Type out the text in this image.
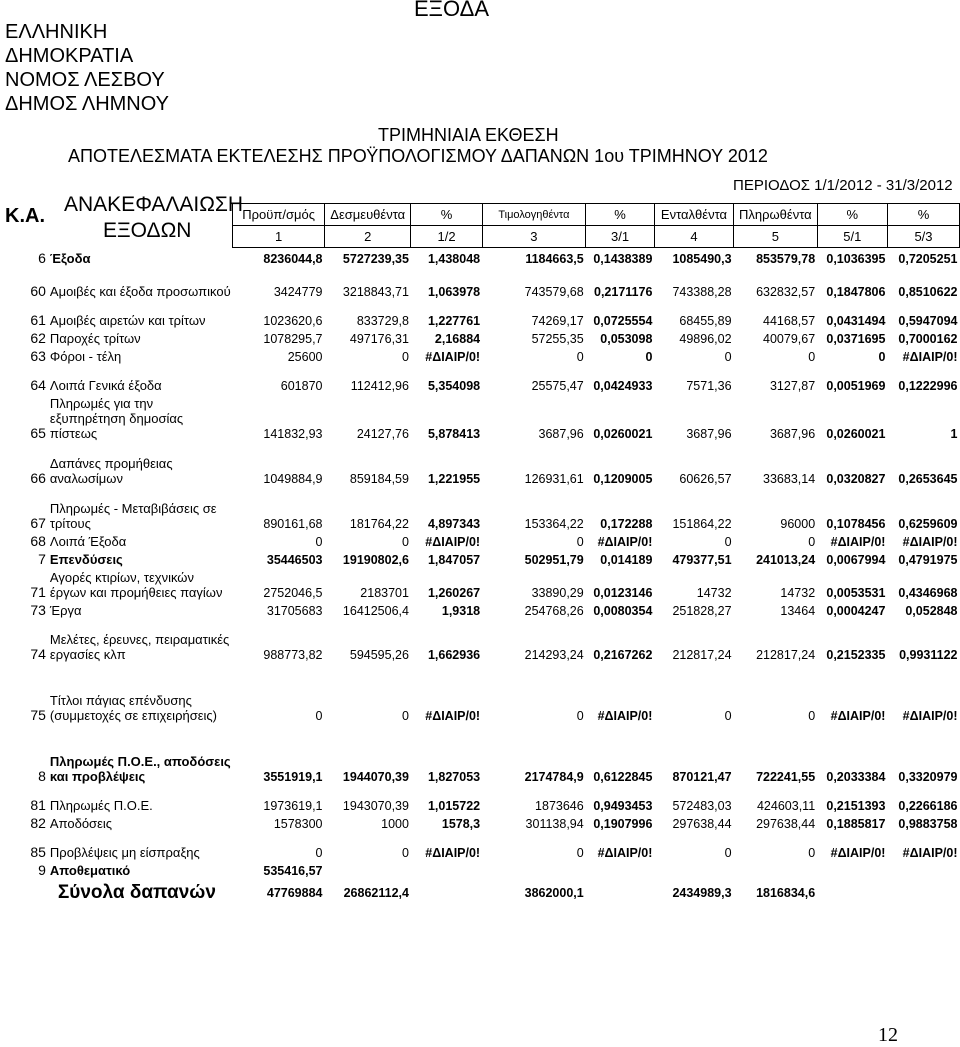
ΕΛΛΗΝΙΚΗ
ΔΗΜΟΚΡΑΤΙΑ
ΝΟΜΟΣ ΛΕΣΒΟΥ
ΔΗΜΟΣ ΛΗΜΝΟΥ
ΕΞΟΔΑ
ΤΡΙΜΗΝΙΑΙΑ ΕΚΘΕΣΗ
ΑΠΟΤΕΛΕΣΜΑΤΑ ΕΚΤΕΛΕΣΗΣ ΠΡΟΫΠΟΛΟΓΙΣΜΟΥ ΔΑΠΑΝΩΝ 1ου ΤΡΙΜΗΝΟΥ 2012
ΠΕΡΙΟΔΟΣ 1/1/2012 - 31/3/2012
Κ.Α. ΑΝΑΚΕΦΑΛΑΙΩΣΗ
ΕΞΟΔΩΝ
		Προϋπ/σμός	Δεσμευθέντα	%	Τιμολογηθέντα	%	Ενταλθέντα	Πληρωθέντα	%	%
		1	2	1/2	3	3/1	4	5	5/1	5/3
6	Έξοδα	8236044,8	5727239,35	1,438048	1184663,5	0,1438389	1085490,3	853579,78	0,1036395	0,7205251
60	Αμοιβές και έξοδα προσωπικού	3424779	3218843,71	1,063978	743579,68	0,2171176	743388,28	632832,57	0,1847806	0,8510622

61	Αμοιβές αιρετών και τρίτων	1023620,6	833729,8	1,227761	74269,17	0,0725554	68455,89	44168,57	0,0431494	0,5947094
62	Παροχές τρίτων	1078295,7	497176,31	2,16884	57255,35	0,053098	49896,02	40079,67	0,0371695	0,7000162
63	Φόροι - τέλη	25600	0	#ΔΙΑΙΡ/0!	0	0	0	0	0	#ΔΙΑΙΡ/0!

64	Λοιπά Γενικά έξοδα	601870	112412,96	5,354098	25575,47	0,0424933	7571,36	3127,87	0,0051969	0,1222996
65	Πληρωμές για την εξυπηρέτηση δημοσίας πίστεως	141832,93	24127,76	5,878413	3687,96	0,0260021	3687,96	3687,96	0,0260021	1

66	Δαπάνες προμήθειας αναλωσίμων	1049884,9	859184,59	1,221955	126931,61	0,1209005	60626,57	33683,14	0,0320827	0,2653645

67	Πληρωμές - Μεταβιβάσεις σε τρίτους	890161,68	181764,22	4,897343	153364,22	0,172288	151864,22	96000	0,1078456	0,6259609
68	Λοιπά Έξοδα	0	0	#ΔΙΑΙΡ/0!	0	#ΔΙΑΙΡ/0!	0	0	#ΔΙΑΙΡ/0!	#ΔΙΑΙΡ/0!
7	Επενδύσεις	35446503	19190802,6	1,847057	502951,79	0,014189	479377,51	241013,24	0,0067994	0,4791975
71	Αγορές κτιρίων, τεχνικών έργων και προμήθειες παγίων	2752046,5	2183701	1,260267	33890,29	0,0123146	14732	14732	0,0053531	0,4346968
73	Έργα	31705683	16412506,4	1,9318	254768,26	0,0080354	251828,27	13464	0,0004247	0,052848

74	Μελέτες, έρευνες, πειραματικές εργασίες κλπ	988773,82	594595,26	1,662936	214293,24	0,2167262	212817,24	212817,24	0,2152335	0,9931122

75	Τίτλοι πάγιας επένδυσης (συμμετοχές σε επιχειρήσεις)	0	0	#ΔΙΑΙΡ/0!	0	#ΔΙΑΙΡ/0!	0	0	#ΔΙΑΙΡ/0!	#ΔΙΑΙΡ/0!

8	Πληρωμές Π.Ο.Ε., αποδόσεις και προβλέψεις	3551919,1	1944070,39	1,827053	2174784,9	0,6122845	870121,47	722241,55	0,2033384	0,3320979

81	Πληρωμές Π.Ο.Ε.	1973619,1	1943070,39	1,015722	1873646	0,9493453	572483,03	424603,11	0,2151393	0,2266186
82	Αποδόσεις	1578300	1000	1578,3	301138,94	0,1907996	297638,44	297638,44	0,1885817	0,9883758

85	Προβλέψεις μη είσπραξης	0	0	#ΔΙΑΙΡ/0!	0	#ΔΙΑΙΡ/0!	0	0	#ΔΙΑΙΡ/0!	#ΔΙΑΙΡ/0!
9	Αποθεματικό	535416,57								
	Σύνολα δαπανών	47769884	26862112,4		3862000,1		2434989,3	1816834,6		
12
